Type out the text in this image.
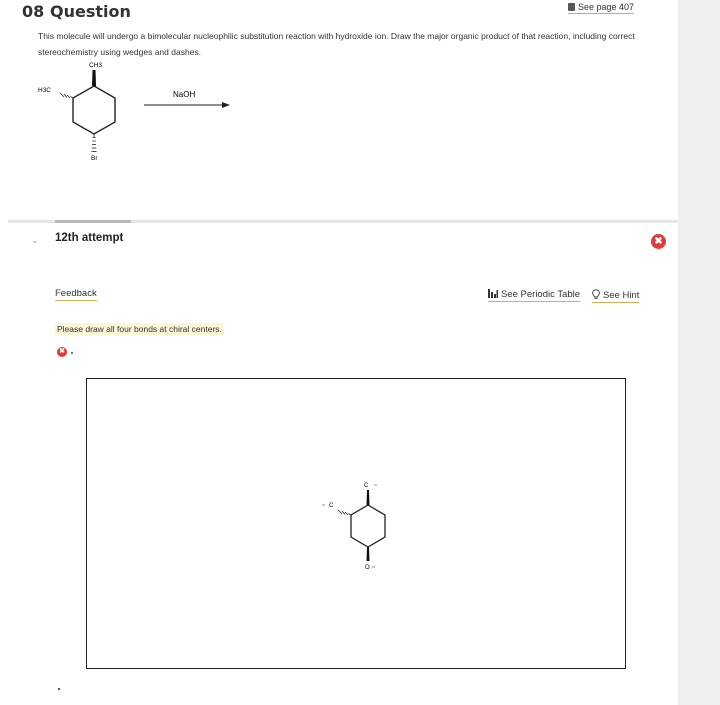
08 Question	See page 407
This molecule will undergo a bimolecular nucleophilic substitution reaction with hydroxide ion. Draw the major organic product of that reaction, including correct stereochemistry using wedges and dashes.
CH3
H3C
Br
NaOH
⌄ 12th attempt	✖
Feedback	See Periodic Table	See Hint
Please draw all four bonds at chiral centers.
✖
C
C
O
